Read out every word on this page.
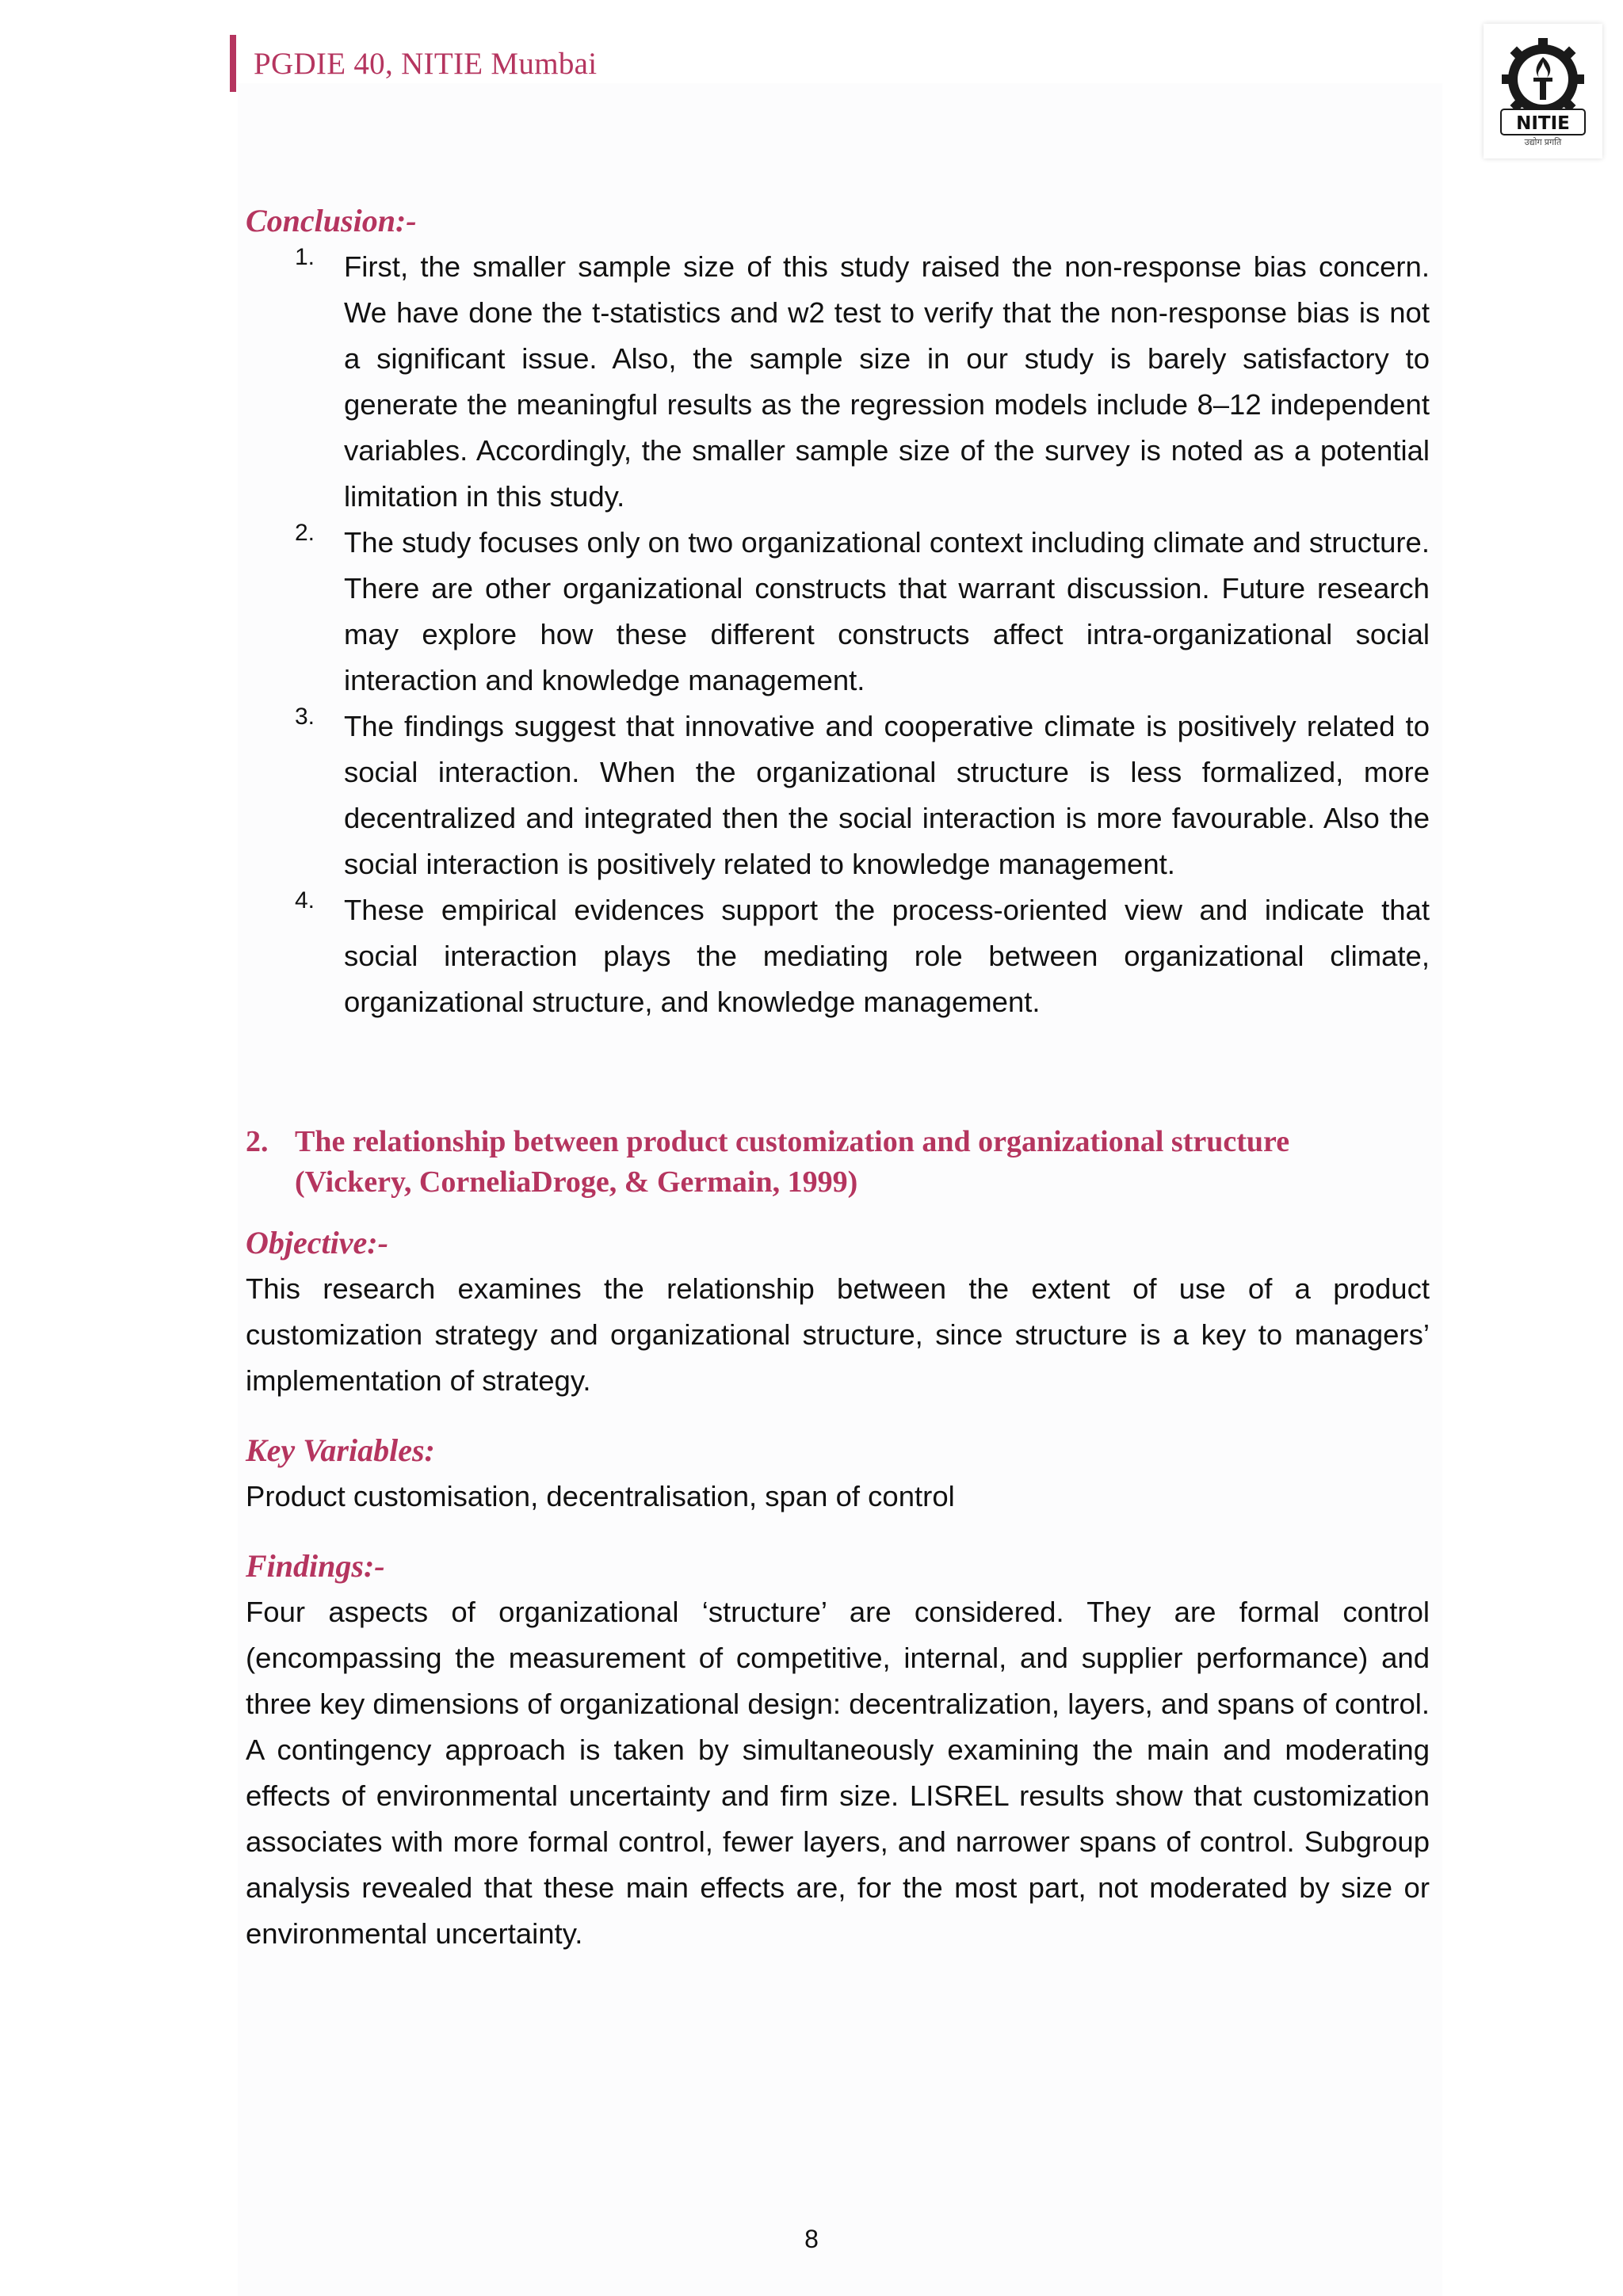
PGDIE 40, NITIE Mumbai
NITIE
उद्योग प्रगति
Conclusion:-
1. First, the smaller sample size of this study raised the non-response bias concern. We have done the t-statistics and w2 test to verify that the non-response bias is not a significant issue. Also, the sample size in our study is barely satisfactory to generate the meaningful results as the regression models include 8–12 independent variables. Accordingly, the smaller sample size of the survey is noted as a potential limitation in this study.

2. The study focuses only on two organizational context including climate and structure. There are other organizational constructs that warrant discussion. Future research may explore how these different constructs affect intra-organizational social interaction and knowledge management.

3. The findings suggest that innovative and cooperative climate is positively related to social interaction. When the organizational structure is less formalized, more decentralized and integrated then the social interaction is more favourable. Also the social interaction is positively related to knowledge management.

4. These empirical evidences support the process-oriented view and indicate that social interaction plays the mediating role between organizational climate, organizational structure, and knowledge management.

2. The relationship between product customization and organizational structure
(Vickery, CorneliaDroge, & Germain, 1999)
Objective:-

This research examines the relationship between the extent of use of a product customization strategy and organizational structure, since structure is a key to managers’ implementation of strategy.

Key Variables:

Product customisation, decentralisation, span of control

Findings:-

Four aspects of organizational ‘structure’ are considered. They are formal control (encompassing the measurement of competitive, internal, and supplier performance) and three key dimensions of organizational design: decentralization, layers, and spans of control. A contingency approach is taken by simultaneously examining the main and moderating effects of environmental uncertainty and firm size. LISREL results show that customization associates with more formal control, fewer layers, and narrower spans of control. Subgroup analysis revealed that these main effects are, for the most part, not moderated by size or environmental uncertainty.

8
